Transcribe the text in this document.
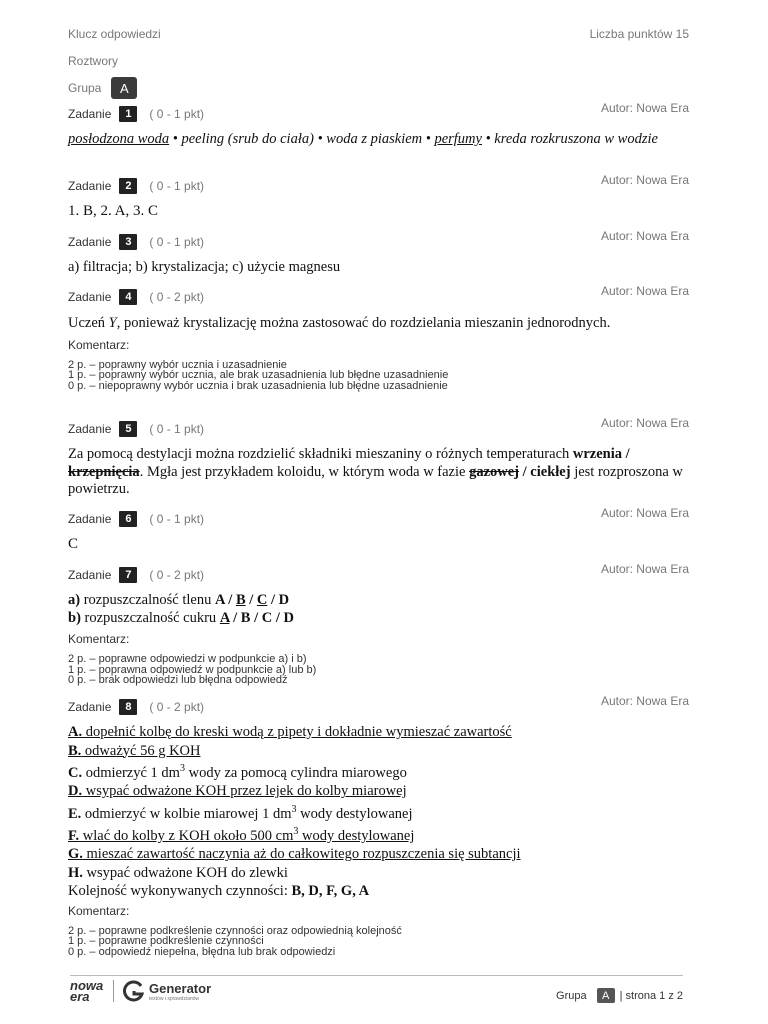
Klucz odpowiedzi	Liczba punktów 15
Roztwory
Grupa	A
Zadanie	1	( 0 - 1 pkt)	Autor: Nowa Era
posłodzona woda • peeling (srub do ciała) • woda z piaskiem • perfumy • kreda rozkruszona w wodzie
Zadanie	2	( 0 - 1 pkt)	Autor: Nowa Era
1. B, 2. A, 3. C
Zadanie	3	( 0 - 1 pkt)	Autor: Nowa Era
a) filtracja; b) krystalizacja; c) użycie magnesu
Zadanie	4	( 0 - 2 pkt)	Autor: Nowa Era
Uczeń Y, ponieważ krystalizację można zastosować do rozdzielania mieszanin jednorodnych.
Komentarz:
2 p. – poprawny wybór ucznia i uzasadnienie
1 p. – poprawny wybór ucznia, ale brak uzasadnienia lub błędne uzasadnienie
0 p. – niepoprawny wybór ucznia i brak uzasadnienia lub błędne uzasadnienie
Zadanie	5	( 0 - 1 pkt)	Autor: Nowa Era
Za pomocą destylacji można rozdzielić składniki mieszaniny o różnych temperaturach wrzenia / krzepnięcia. Mgła jest przykładem koloidu, w którym woda w fazie gazowej / ciekłej jest rozproszona w powietrzu.
Zadanie	6	( 0 - 1 pkt)	Autor: Nowa Era
C
Zadanie	7	( 0 - 2 pkt)	Autor: Nowa Era
a) rozpuszczalność tlenu A / B / C / D
b) rozpuszczalność cukru A / B / C / D
Komentarz:
2 p. – poprawne odpowiedzi w podpunkcie a) i b)
1 p. – poprawna odpowiedź w podpunkcie a) lub b)
0 p. – brak odpowiedzi lub błędna odpowiedź
Zadanie	8	( 0 - 2 pkt)	Autor: Nowa Era
A. dopełnić kolbę do kreski wodą z pipety i dokładnie wymieszać zawartość
B. odważyć 56 g KOH
C. odmierzyć 1 $dm^3$ wody za pomocą cylindra miarowego
D. wsypać odważone KOH przez lejek do kolby miarowej
E. odmierzyć w kolbie miarowej 1 $dm^3$ wody destylowanej
F. wlać do kolby z KOH około 500 $cm^3$ wody destylowanej
G. mieszać zawartość naczynia aż do całkowitego rozpuszczenia się subtancji
H. wsypać odważone KOH do zlewki
Kolejność wykonywanych czynności: B, D, F, G, A
Komentarz:
2 p. – poprawne podkreślenie czynności oraz odpowiednią kolejność
1 p. – poprawne podkreślenie czynności
0 p. – odpowiedź niepełna, błędna lub brak odpowiedzi
nowa
era
Generator
testów i sprawdzianów	Grupa	A | strona 1 z 2
